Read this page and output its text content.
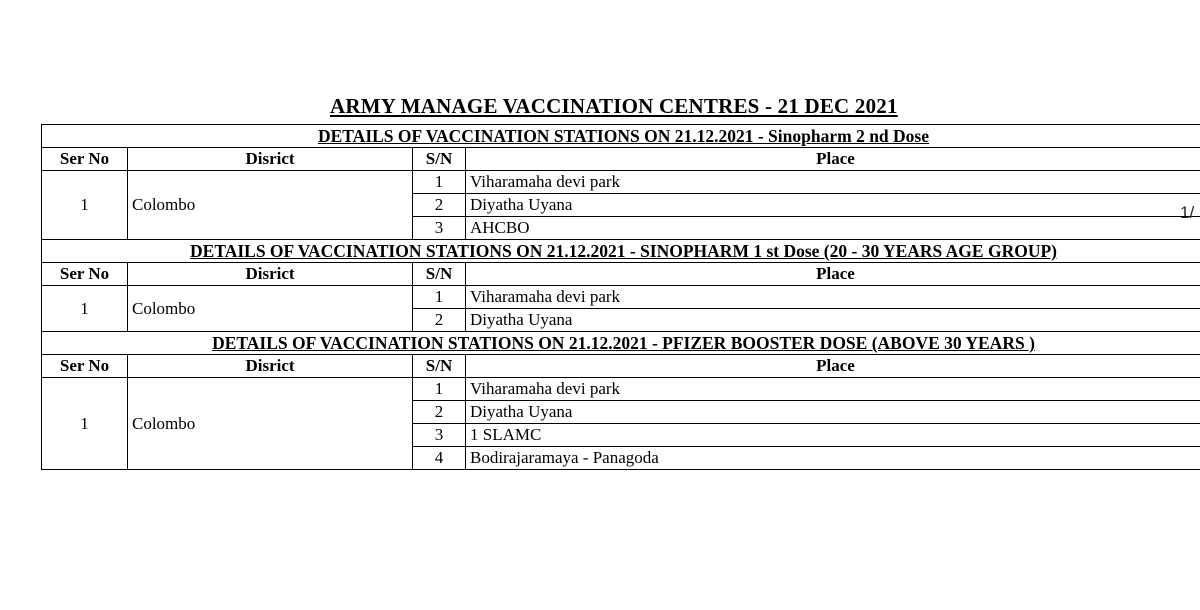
ARMY MANAGE VACCINATION CENTRES - 21 DEC 2021
1/
DETAILS OF VACCINATION STATIONS ON 21.12.2021 - Sinopharm 2 nd Dose			
Ser No	Disrict	S/N	Place
1	Colombo	1	Viharamaha devi park
		2	Diyatha Uyana
		3	AHCBO
DETAILS OF VACCINATION STATIONS ON 21.12.2021 - SINOPHARM 1 st Dose (20 - 30 YEARS AGE GROUP)			
Ser No	Disrict	S/N	Place
1	Colombo	1	Viharamaha devi park
		2	Diyatha Uyana
DETAILS OF VACCINATION STATIONS ON 21.12.2021 - PFIZER BOOSTER DOSE (ABOVE 30 YEARS )			
Ser No	Disrict	S/N	Place
1	Colombo	1	Viharamaha devi park
		2	Diyatha Uyana
		3	1 SLAMC
		4	Bodirajaramaya - Panagoda
